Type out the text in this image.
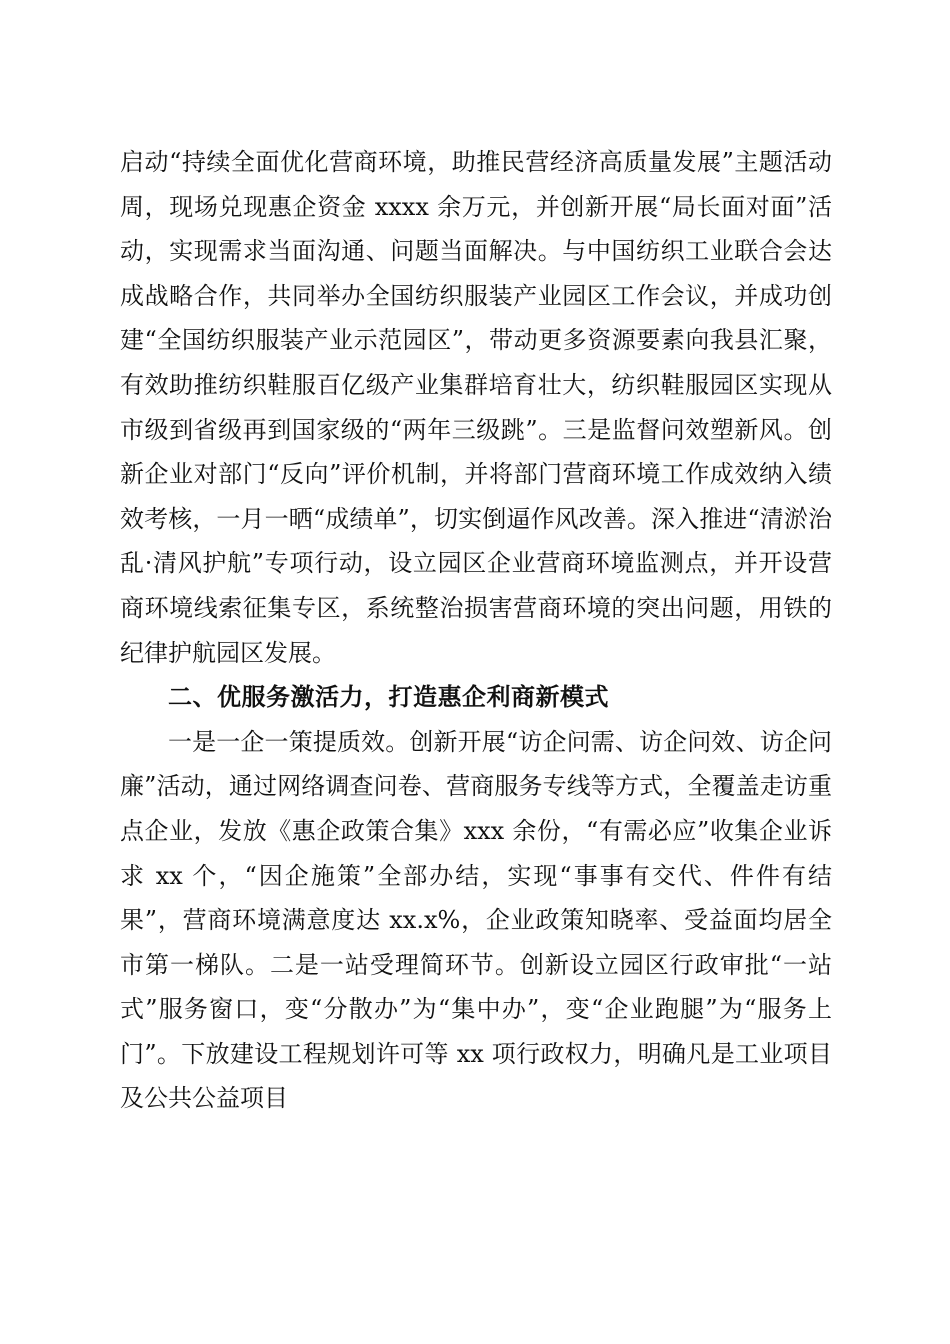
启动“持续全面优化营商环境，助推民营经济高质量发展”主题活动周，现场兑现惠企资金 xxxx 余万元，并创新开展“局长面对面”活动，实现需求当面沟通、问题当面解决。与中国纺织工业联合会达成战略合作，共同举办全国纺织服装产业园区工作会议，并成功创建“全国纺织服装产业示范园区”，带动更多资源要素向我县汇聚，有效助推纺织鞋服百亿级产业集群培育壮大，纺织鞋服园区实现从市级到省级再到国家级的“两年三级跳”。三是监督问效塑新风。创新企业对部门“反向”评价机制，并将部门营商环境工作成效纳入绩效考核，一月一晒“成绩单”，切实倒逼作风改善。深入推进“清淤治乱·清风护航”专项行动，设立园区企业营商环境监测点，并开设营商环境线索征集专区，系统整治损害营商环境的突出问题，用铁的纪律护航园区发展。

二、优服务激活力，打造惠企利商新模式

一是一企一策提质效。创新开展“访企问需、访企问效、访企问廉”活动，通过网络调查问卷、营商服务专线等方式，全覆盖走访重点企业，发放《惠企政策合集》xxx 余份，“有需必应”收集企业诉求 xx 个，“因企施策”全部办结，实现“事事有交代、件件有结果”，营商环境满意度达 xx.x%，企业政策知晓率、受益面均居全市第一梯队。二是一站受理简环节。创新设立园区行政审批“一站式”服务窗口，变“分散办”为“集中办”，变“企业跑腿”为“服务上门”。下放建设工程规划许可等 xx 项行政权力，明确凡是工业项目及公共公益项目
